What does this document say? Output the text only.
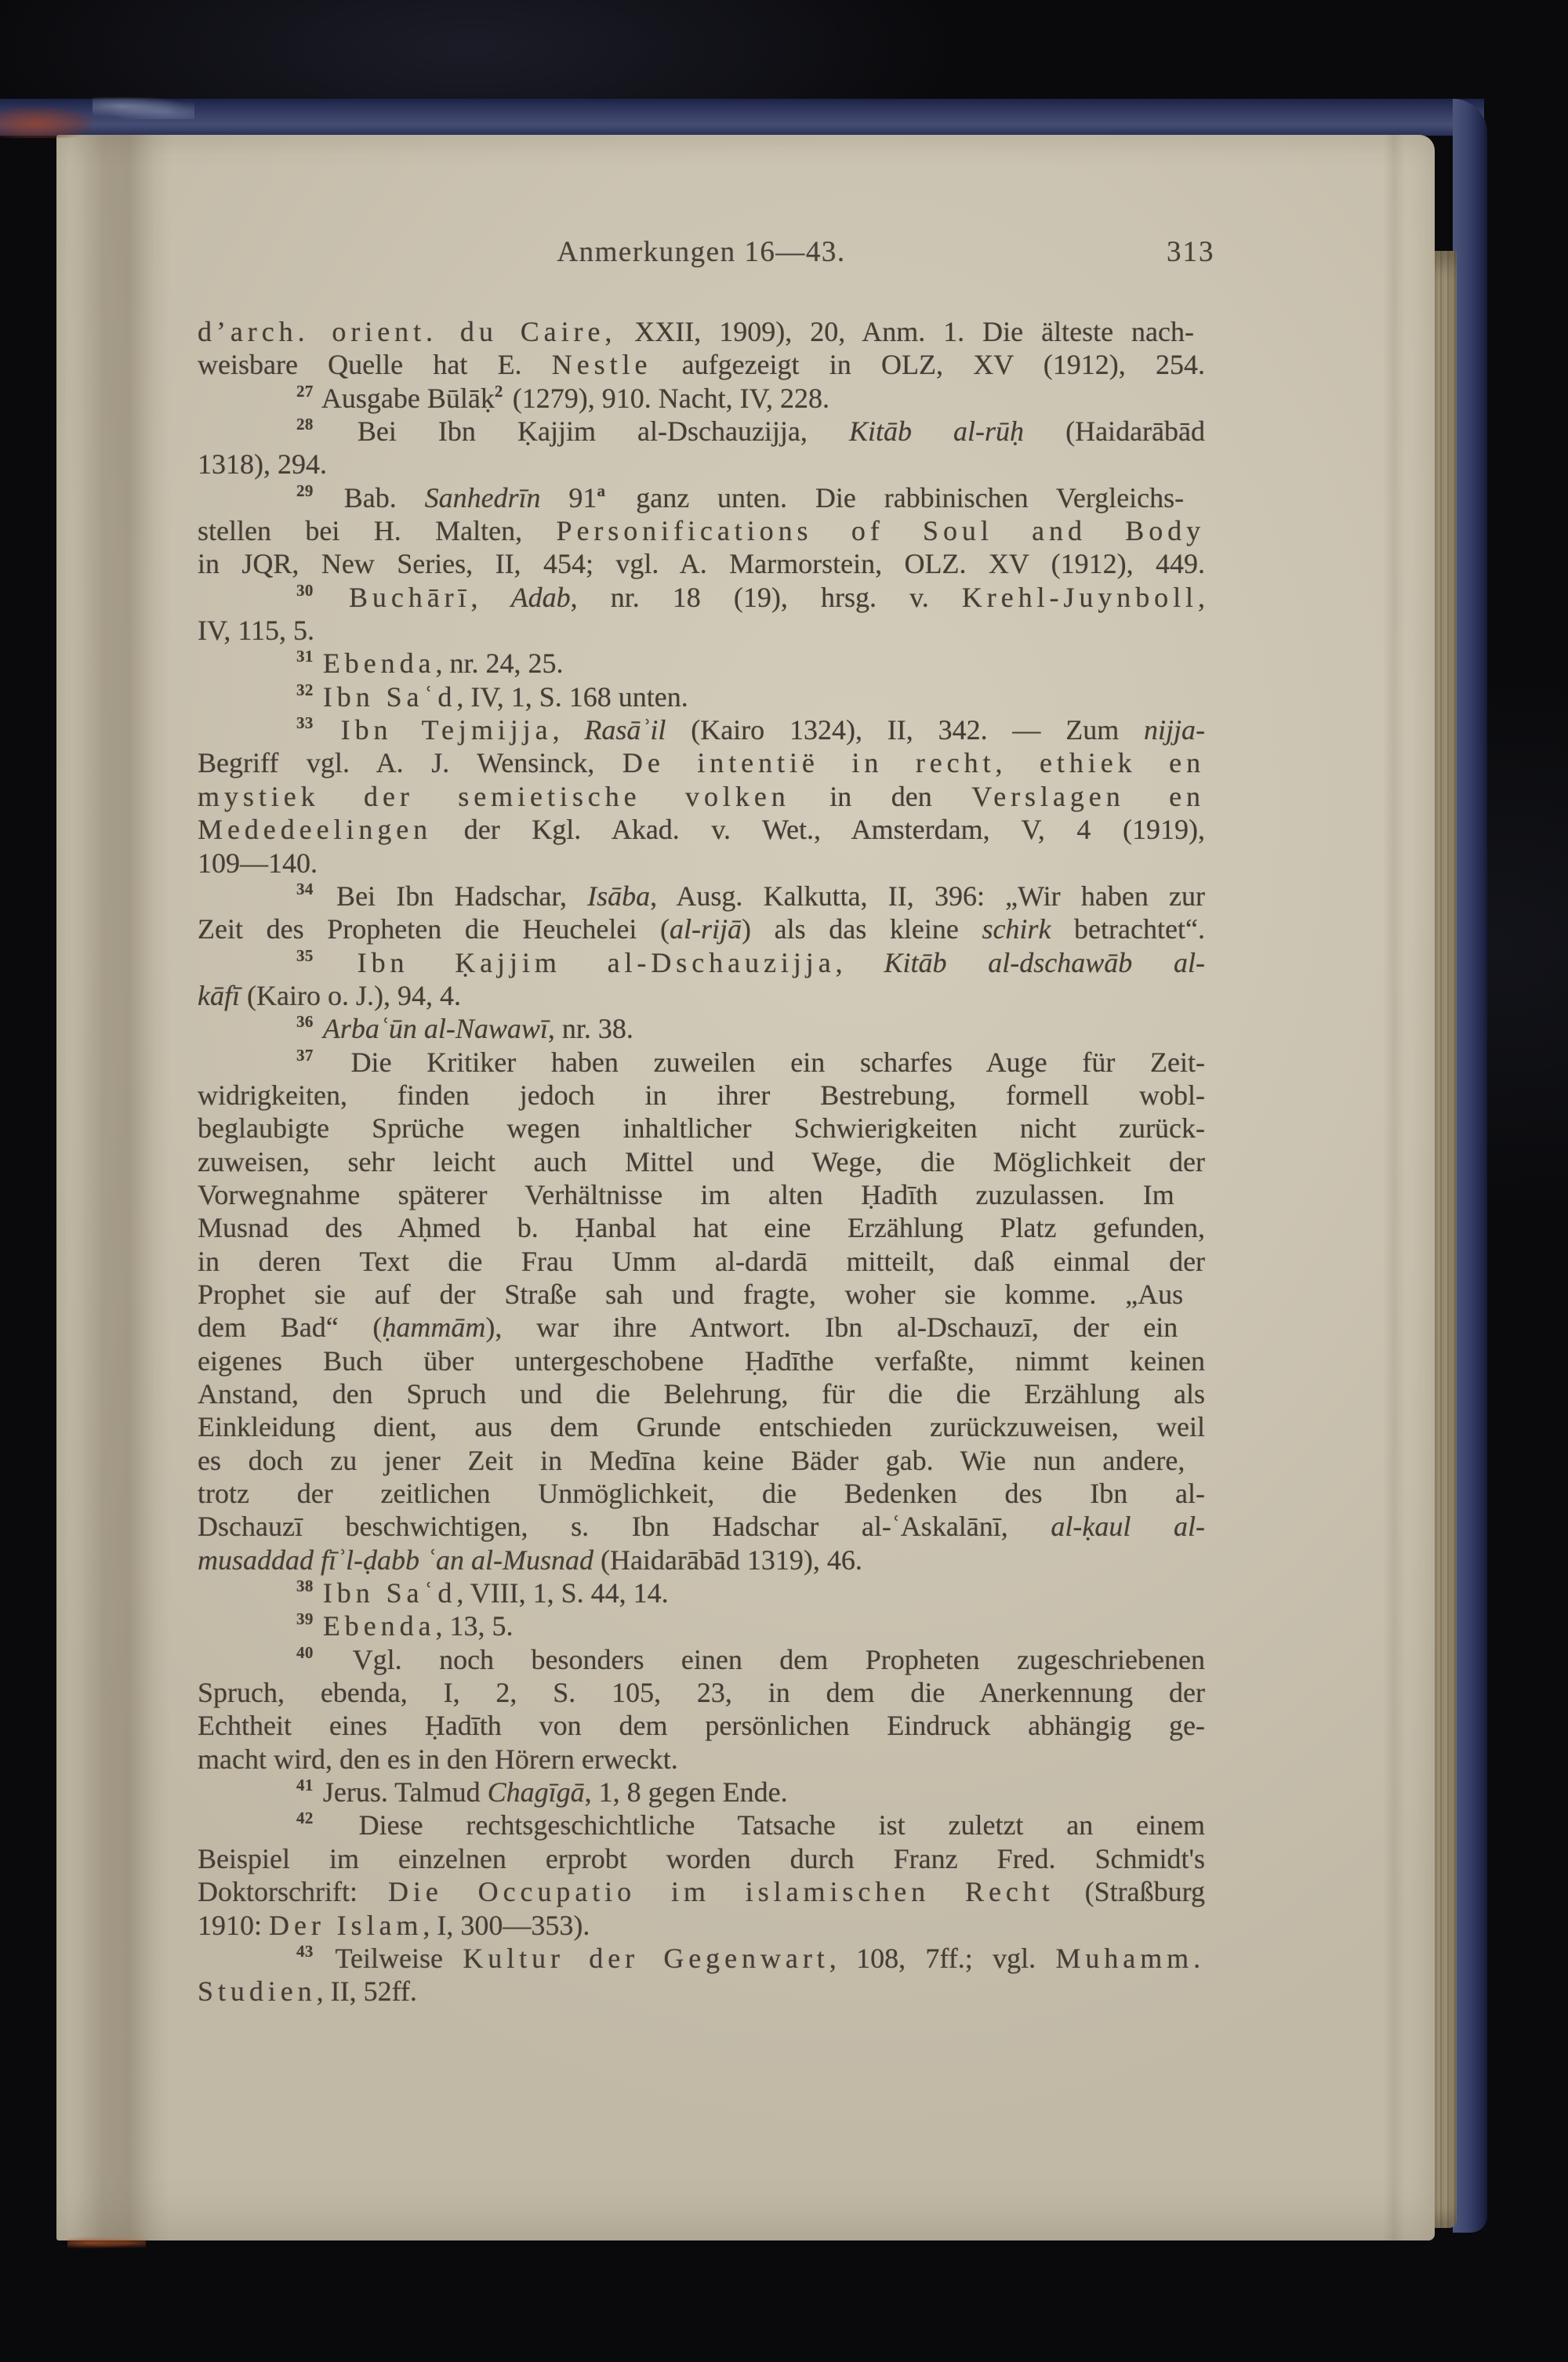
Anmerkungen 16—43.	313
d’arch. orient. du Caire, XXII, 1909), 20, Anm. 1. Die älteste nach-
weisbare Quelle hat E. Nestle aufgezeigt in OLZ, XV (1912), 254.
$^{27}$ Ausgabe Būlāḳ$^2$ (1279), 910. Nacht, IV, 228.
$^{28}$ Bei Ibn Ḳajjim al-Dschauzijja, Kitāb al-rūḥ (Haidarābād
1318), 294.
$^{29}$ Bab. Sanhedrīn 91$^a$ ganz unten. Die rabbinischen Vergleichs-
stellen bei H. Malten, Personifications of Soul and Body
in JQR, New Series, II, 454; vgl. A. Marmorstein, OLZ. XV (1912), 449.
$^{30}$ Buchārī, Adab, nr. 18 (19), hrsg. v. Krehl-Juynboll,
IV, 115, 5.
$^{31}$ Ebenda, nr. 24, 25.
$^{32}$ Ibn Saʿd, IV, 1, S. 168 unten.
$^{33}$ Ibn Tejmijja, Rasāʾil (Kairo 1324), II, 342. — Zum nijja-
Begriff vgl. A. J. Wensinck, De intentië in recht, ethiek en
mystiek der semietische volken in den Verslagen en
Mededeelingen der Kgl. Akad. v. Wet., Amsterdam, V, 4 (1919),
109—140.
$^{34}$ Bei Ibn Hadschar, Isāba, Ausg. Kalkutta, II, 396: „Wir haben zur
Zeit des Propheten die Heuchelei (al-rijā) als das kleine schirk betrachtet“.
$^{35}$ Ibn Ḳajjim al-Dschauzijja, Kitāb al-dschawāb al-
kāfī (Kairo o. J.), 94, 4.
$^{36}$ Arbaʿūn al-Nawawī, nr. 38.
$^{37}$ Die Kritiker haben zuweilen ein scharfes Auge für Zeit-
widrigkeiten, finden jedoch in ihrer Bestrebung, formell wobl-
beglaubigte Sprüche wegen inhaltlicher Schwierigkeiten nicht zurück-
zuweisen, sehr leicht auch Mittel und Wege, die Möglichkeit der
Vorwegnahme späterer Verhältnisse im alten Ḥadīth zuzulassen. Im
Musnad des Aḥmed b. Ḥanbal hat eine Erzählung Platz gefunden,
in deren Text die Frau Umm al-dardā mitteilt, daß einmal der
Prophet sie auf der Straße sah und fragte, woher sie komme. „Aus
dem Bad“ (ḥammām), war ihre Antwort. Ibn al-Dschauzī, der ein
eigenes Buch über untergeschobene Ḥadīthe verfaßte, nimmt keinen
Anstand, den Spruch und die Belehrung, für die die Erzählung als
Einkleidung dient, aus dem Grunde entschieden zurückzuweisen, weil
es doch zu jener Zeit in Medīna keine Bäder gab. Wie nun andere,
trotz der zeitlichen Unmöglichkeit, die Bedenken des Ibn al-
Dschauzī beschwichtigen, s. Ibn Hadschar al-ʿAskalānī, al-ḳaul al-
musaddad fīʾl-ḍabb ʿan al-Musnad (Haidarābād 1319), 46.
$^{38}$ Ibn Saʿd, VIII, 1, S. 44, 14.
$^{39}$ Ebenda, 13, 5.
$^{40}$ Vgl. noch besonders einen dem Propheten zugeschriebenen
Spruch, ebenda, I, 2, S. 105, 23, in dem die Anerkennung der
Echtheit eines Ḥadīth von dem persönlichen Eindruck abhängig ge-
macht wird, den es in den Hörern erweckt.
$^{41}$ Jerus. Talmud Chagīgā, 1, 8 gegen Ende.
$^{42}$ Diese rechtsgeschichtliche Tatsache ist zuletzt an einem
Beispiel im einzelnen erprobt worden durch Franz Fred. Schmidt's
Doktorschrift: Die Occupatio im islamischen Recht (Straßburg
1910: Der Islam, I, 300—353).
$^{43}$ Teilweise Kultur der Gegenwart, 108, 7ff.; vgl. Muhamm.
Studien, II, 52ff.
